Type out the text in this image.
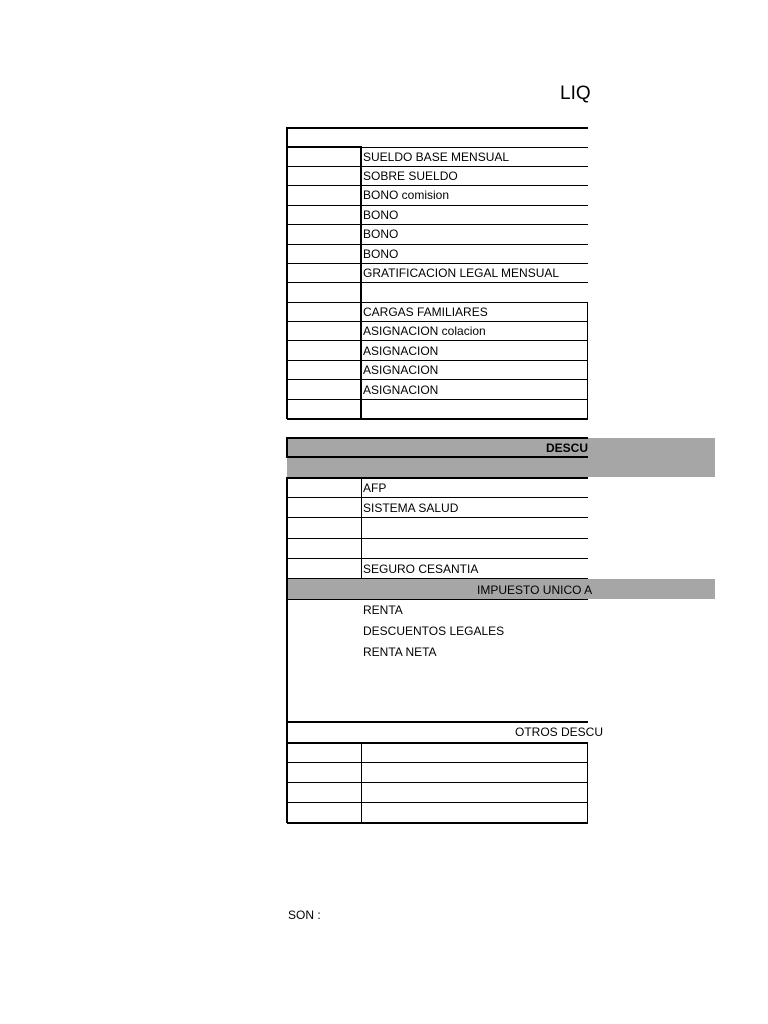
LIQ
SUELDO BASE MENSUAL
SOBRE SUELDO
BONO comision
BONO
BONO
BONO
GRATIFICACION LEGAL MENSUAL
CARGAS FAMILIARES
ASIGNACION colacion
ASIGNACION
ASIGNACION
ASIGNACION
DESCU
AFP
SISTEMA SALUD
SEGURO CESANTIA
IMPUESTO UNICO A
RENTA
DESCUENTOS LEGALES
RENTA NETA
OTROS DESCU
SON :
